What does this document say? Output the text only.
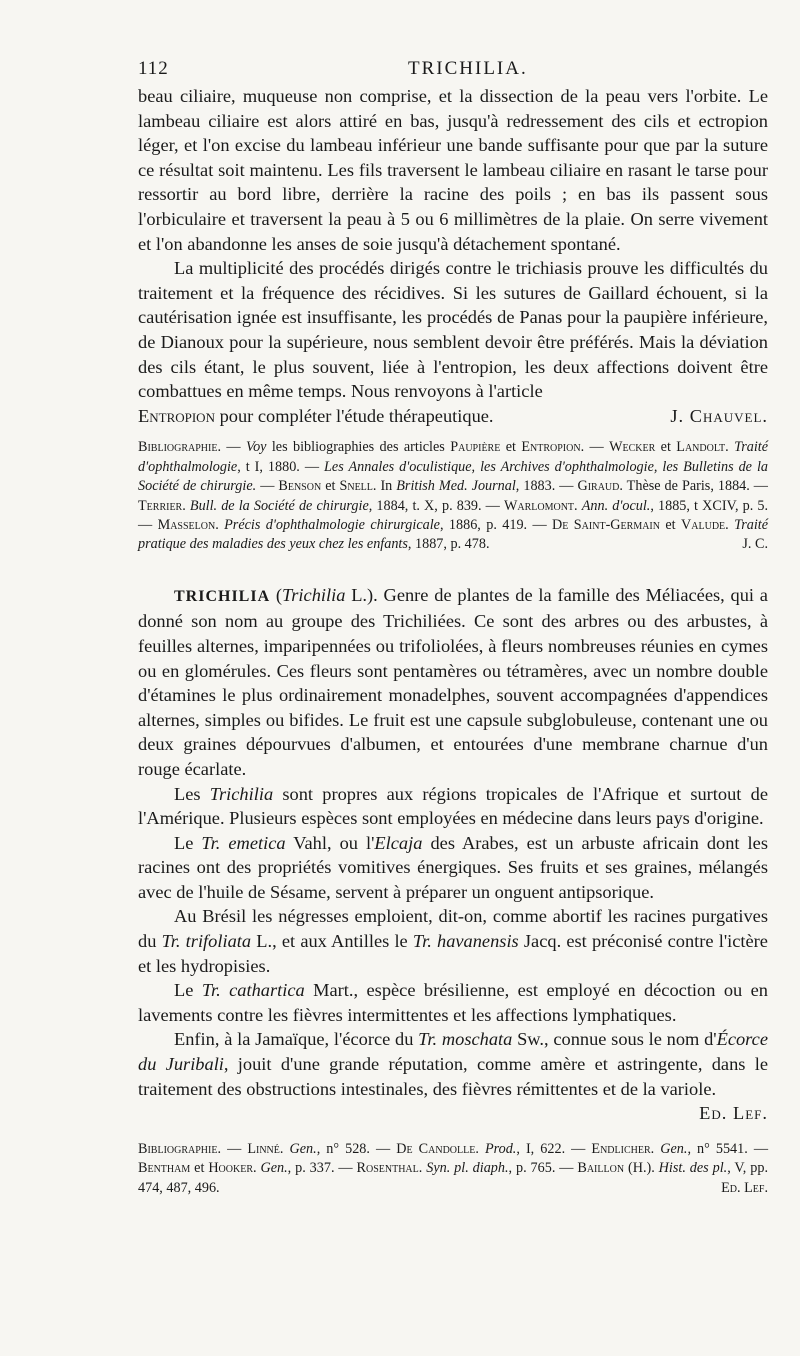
112	TRICHILIA.

beau ciliaire, muqueuse non comprise, et la dissection de la peau vers l'orbite. Le lambeau ciliaire est alors attiré en bas, jusqu'à redressement des cils et ectropion léger, et l'on excise du lambeau inférieur une bande suffisante pour que par la suture ce résultat soit maintenu. Les fils traversent le lambeau ciliaire en rasant le tarse pour ressortir au bord libre, derrière la racine des poils ; en bas ils passent sous l'orbiculaire et traversent la peau à 5 ou 6 millimètres de la plaie. On serre vivement et l'on abandonne les anses de soie jusqu'à détachement spontané.

La multiplicité des procédés dirigés contre le trichiasis prouve les difficultés du traitement et la fréquence des récidives. Si les sutures de Gaillard échouent, si la cautérisation ignée est insuffisante, les procédés de Panas pour la paupière inférieure, de Dianoux pour la supérieure, nous semblent devoir être préférés. Mais la déviation des cils étant, le plus souvent, liée à l'entropion, les deux affections doivent être combattues en même temps. Nous renvoyons à l'article
Entropion pour compléter l'étude thérapeutique.	J. Chauvel.

Bibliographie. — Voy les bibliographies des articles Paupière et Entropion. — Wecker et Landolt. Traité d'ophthalmologie, t I, 1880. — Les Annales d'oculistique, les Archives d'ophthalmologie, les Bulletins de la Société de chirurgie. — Benson et Snell. In British Med. Journal, 1883. — Giraud. Thèse de Paris, 1884. — Terrier. Bull. de la Société de chirurgie, 1884, t. X, p. 839. — Warlomont. Ann. d'ocul., 1885, t XCIV, p. 5. — Masselon. Précis d'ophthalmologie chirurgicale, 1886, p. 419. — De Saint-Germain et Valude. Traité pratique des maladies des yeux chez les enfants, 1887, p. 478.	J. C.

TRICHILIA (Trichilia L.). Genre de plantes de la famille des Méliacées, qui a donné son nom au groupe des Trichiliées. Ce sont des arbres ou des arbustes, à feuilles alternes, imparipennées ou trifoliolées, à fleurs nombreuses réunies en cymes ou en glomérules. Ces fleurs sont pentamères ou tétramères, avec un nombre double d'étamines le plus ordinairement monadelphes, souvent accompagnées d'appendices alternes, simples ou bifides. Le fruit est une capsule subglobuleuse, contenant une ou deux graines dépourvues d'albumen, et entourées d'une membrane charnue d'un rouge écarlate.

Les Trichilia sont propres aux régions tropicales de l'Afrique et surtout de l'Amérique. Plusieurs espèces sont employées en médecine dans leurs pays d'origine.

Le Tr. emetica Vahl, ou l'Elcaja des Arabes, est un arbuste africain dont les racines ont des propriétés vomitives énergiques. Ses fruits et ses graines, mélangés avec de l'huile de Sésame, servent à préparer un onguent antipsorique.

Au Brésil les négresses emploient, dit-on, comme abortif les racines purgatives du Tr. trifoliata L., et aux Antilles le Tr. havanensis Jacq. est préconisé contre l'ictère et les hydropisies.

Le Tr. cathartica Mart., espèce brésilienne, est employé en décoction ou en lavements contre les fièvres intermittentes et les affections lymphatiques.

Enfin, à la Jamaïque, l'écorce du Tr. moschata Sw., connue sous le nom d'Écorce du Juribali, jouit d'une grande réputation, comme amère et astringente, dans le traitement des obstructions intestinales, des fièvres rémittentes et de la variole.
Ed. Lef.

Bibliographie. — Linné. Gen., n° 528. — De Candolle. Prod., I, 622. — Endlicher. Gen., n° 5541. — Bentham et Hooker. Gen., p. 337. — Rosenthal. Syn. pl. diaph., p. 765. — Baillon (H.). Hist. des pl., V, pp. 474, 487, 496.	Ed. Lef.
